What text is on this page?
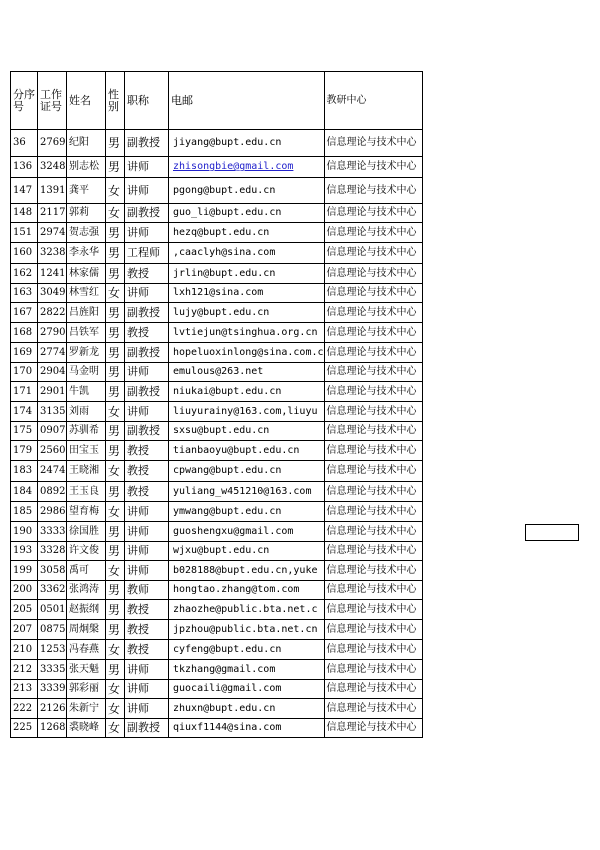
分序号	工作证号	姓名	性别	职称	电邮	教研中心
36	2769	纪阳	男	副教授	jiyang@bupt.edu.cn	信息理论与技术中心
136	3248	别志松	男	讲师	zhisongbie@gmail.com	信息理论与技术中心
147	1391	龚平	女	讲师	pgong@bupt.edu.cn	信息理论与技术中心
148	2117	郭莉	女	副教授	guo_li@bupt.edu.cn	信息理论与技术中心
151	2974	贺志强	男	讲师	hezq@bupt.edu.cn	信息理论与技术中心
160	3238	李永华	男	工程师	,caaclyh@sina.com	信息理论与技术中心
162	1241	林家儒	男	教授	jrlin@bupt.edu.cn	信息理论与技术中心
163	3049	林雪红	女	讲师	lxh121@sina.com	信息理论与技术中心
167	2822	吕旌阳	男	副教授	lujy@bupt.edu.cn	信息理论与技术中心
168	2790	吕铁军	男	教授	lvtiejun@tsinghua.org.cn	信息理论与技术中心
169	2774	罗新龙	男	副教授	hopeluoxinlong@sina.com.c	信息理论与技术中心
170	2904	马金明	男	讲师	emulous@263.net	信息理论与技术中心
171	2901	牛凯	男	副教授	niukai@bupt.edu.cn	信息理论与技术中心
174	3135	刘雨	女	讲师	liuyurainy@163.com,liuyu	信息理论与技术中心
175	0907	苏驯希	男	副教授	sxsu@bupt.edu.cn	信息理论与技术中心
179	2560	田宝玉	男	教授	tianbaoyu@bupt.edu.cn	信息理论与技术中心
183	2474	王晓湘	女	教授	cpwang@bupt.edu.cn	信息理论与技术中心
184	0892	王玉良	男	教授	yuliang_w451210@163.com	信息理论与技术中心
185	2986	望育梅	女	讲师	ymwang@bupt.edu.cn	信息理论与技术中心
190	3333	徐国胜	男	讲师	guoshengxu@gmail.com	信息理论与技术中心
193	3328	许文俊	男	讲师	wjxu@bupt.edu.cn	信息理论与技术中心
199	3058	禹可	女	讲师	b028188@bupt.edu.cn,yuke	信息理论与技术中心
200	3362	张鸿涛	男	教师	hongtao.zhang@tom.com	信息理论与技术中心
205	0501	赵振纲	男	教授	zhaozhe@public.bta.net.c	信息理论与技术中心
207	0875	周炯槃	男	教授	jpzhou@public.bta.net.cn	信息理论与技术中心
210	1253	冯春燕	女	教授	cyfeng@bupt.edu.cn	信息理论与技术中心
212	3335	张天魁	男	讲师	tkzhang@gmail.com	信息理论与技术中心
213	3339	郭彩丽	女	讲师	guocaili@gmail.com	信息理论与技术中心
222	2126	朱新宁	女	讲师	zhuxn@bupt.edu.cn	信息理论与技术中心
225	1268	裘晓峰	女	副教授	qiuxf1144@sina.com	信息理论与技术中心
